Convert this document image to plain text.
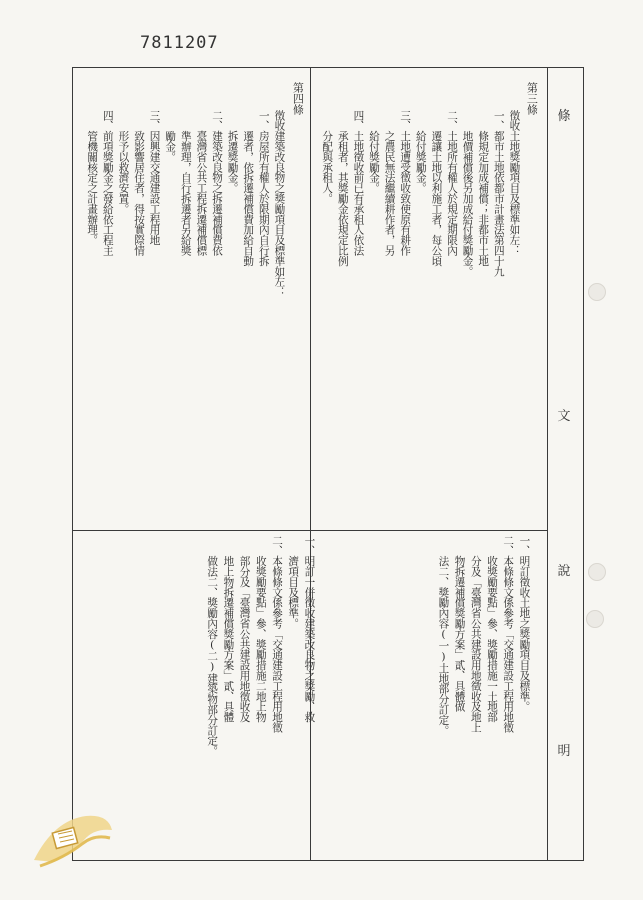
7811207
條
文
說
明
第三條
徵收土地獎勵項目及標準如左：
一、都市土地依都市計畫法第四十九
　　條規定加成補償；非都市土地
　　地價補償後另加成給付獎勵金。
二、土地所有權人於規定期限內
　　遷讓土地以利施工者，每公頃
　　給付獎勵金。
三、土地遭受徵收致使原有耕作
　　之農民無法繼續耕作者，另
　　給付獎勵金。
四、土地徵收前已有承租人依法
　　承租者，其獎勵金依規定比例
　　分配與承租人。
第四條
徵收建築改良物之獎勵項目及標準如左：
一、房屋所有權人於限期內自行拆
　　遷者，依拆遷補償費加給自動
　　拆遷獎勵金。
二、建築改良物之拆遷補償費依
　　臺灣省公共工程拆遷補償標
　　準辦理，自行拆遷者另給獎
　　勵金。
三、因興建交通建設工程用地
　　致影響居住者，得按實際情
　　形予以救濟安置。
四、前項獎勵金之發給依工程主
　　管機關核定之計畫辦理。
一、明訂徵收土地之獎勵項目及標準。
二、本條條文係參考「交通建設工程用地徵
　　收獎勵要點」參、獎勵措施一土地部
　　分及「臺灣省公共建設用地徵收及地上
　　物拆遷補償獎勵方案」貳、具體做
　　法二、獎勵內容(一)土地部分訂定。
一、明訂一併徵收建築改良物之獎勵、救
　　濟項目及標準。
二、本條條文係參考「交通建設工程用地徵
　　收獎勵要點」參、獎勵措施二地上物
　　部分及「臺灣省公共建設用地徵收及
　　地上物拆遷補償獎勵方案」貳、具體
　　做法二、獎勵內容(二)建築物部分訂定。
